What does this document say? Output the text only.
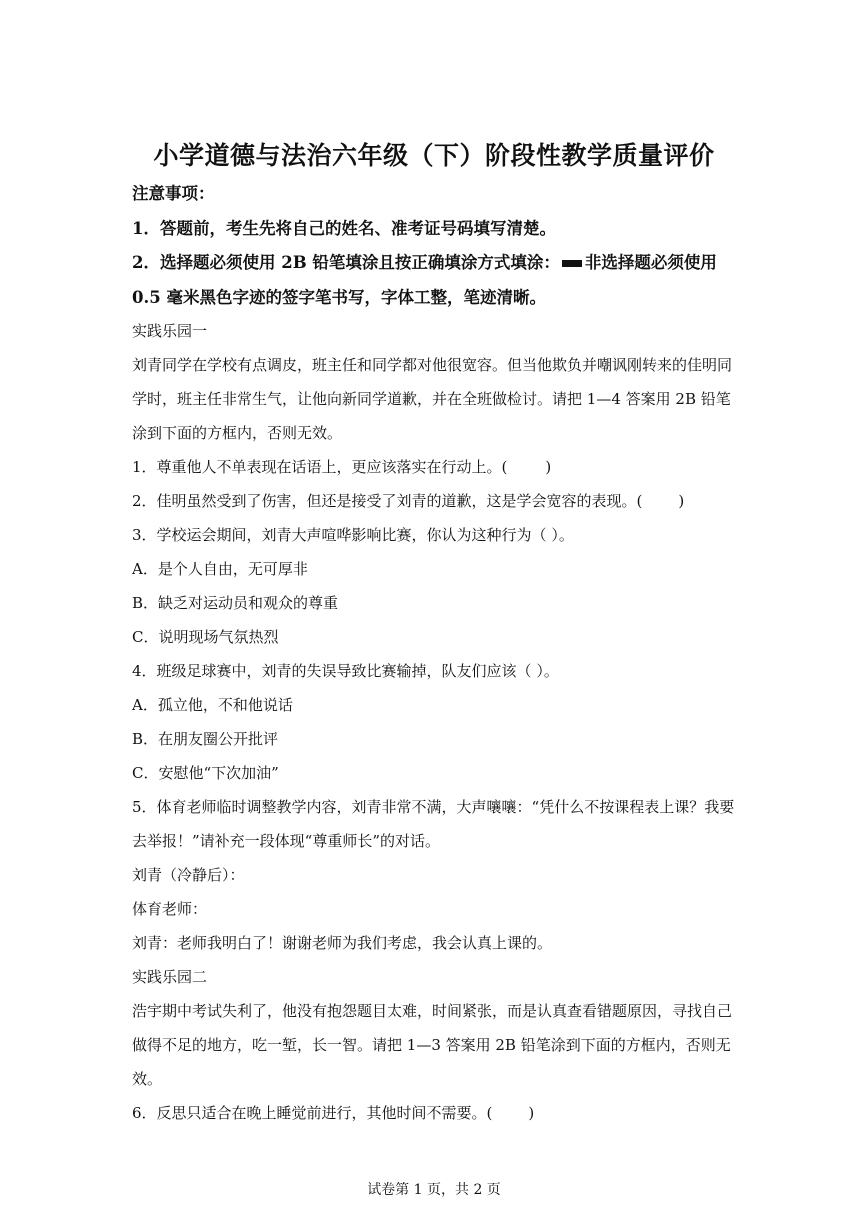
小学道德与法治六年级（下）阶段性教学质量评价
注意事项：
1．答题前，考生先将自己的姓名、准考证号码填写清楚。
2．选择题必须使用 2B 铅笔填涂且按正确填涂方式填涂： 非选择题必须使用
0.5 毫米黑色字迹的签字笔书写，字体工整，笔迹清晰。
实践乐园一
刘青同学在学校有点调皮，班主任和同学都对他很宽容。但当他欺负并嘲讽刚转来的佳明同
学时，班主任非常生气，让他向新同学道歉，并在全班做检讨。请把 1—4 答案用 2B 铅笔
涂到下面的方框内，否则无效。
1．尊重他人不单表现在话语上，更应该落实在行动上。(	)
2．佳明虽然受到了伤害，但还是接受了刘青的道歉，这是学会宽容的表现。( )
3．学校运会期间，刘青大声喧哗影响比赛，你认为这种行为（ ）。
A．是个人自由，无可厚非
B．缺乏对运动员和观众的尊重
C．说明现场气氛热烈
4．班级足球赛中，刘青的失误导致比赛输掉，队友们应该（ ）。
A．孤立他，不和他说话
B．在朋友圈公开批评
C．安慰他“下次加油”
5．体育老师临时调整教学内容，刘青非常不满，大声嚷嚷：“凭什么不按课程表上课？我要
去举报！”请补充一段体现“尊重师长”的对话。
刘青（冷静后）：
体育老师：
刘青：老师我明白了！谢谢老师为我们考虑，我会认真上课的。
实践乐园二
浩宇期中考试失利了，他没有抱怨题目太难，时间紧张，而是认真查看错题原因，寻找自己
做得不足的地方，吃一堑，长一智。请把 1—3 答案用 2B 铅笔涂到下面的方框内，否则无
效。
6．反思只适合在晚上睡觉前进行，其他时间不需要。( )
试卷第 1 页，共 2 页
